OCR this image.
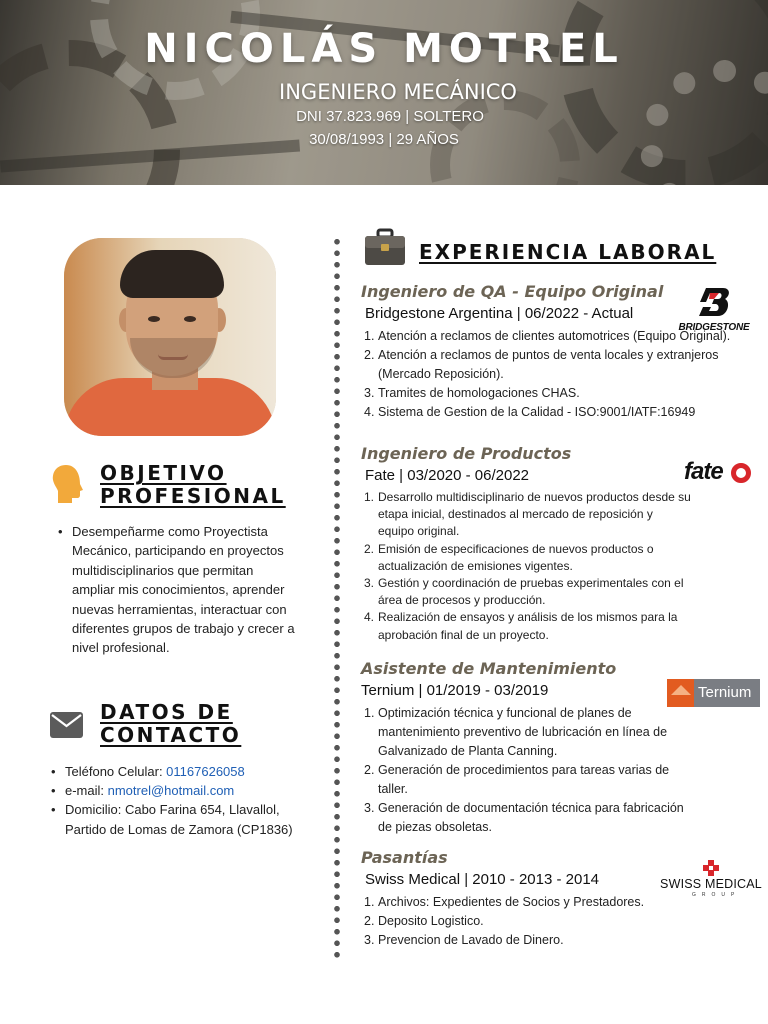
NICOLÁS MOTREL
INGENIERO MECÁNICO
DNI 37.823.969 | SOLTERO
30/08/1993 | 29 AÑOS
OBJETIVO
PROFESIONAL
• Desempeñarme como Proyectista Mecánico, participando en proyectos multidisciplinarios que permitan ampliar mis conocimientos, aprender nuevas herramientas, interactuar con diferentes grupos de trabajo y crecer a nivel profesional.
DATOS DE
CONTACTO
• Teléfono Celular: 01167626058
• e-mail: nmotrel@hotmail.com
• Domicilio: Cabo Farina 654, Llavallol, Partido de Lomas de Zamora (CP1836)
EXPERIENCIA LABORAL
Ingeniero de QA - Equipo Original
Bridgestone Argentina | 06/2022 - Actual
1. Atención a reclamos de clientes automotrices (Equipo Original).
2. Atención a reclamos de puntos de venta locales y extranjeros (Mercado Reposición).
3. Tramites de homologaciones CHAS.
4. Sistema de Gestion de la Calidad - ISO:9001/IATF:16949
Ingeniero de Productos
Fate | 03/2020 - 06/2022
1. Desarrollo multidisciplinario de nuevos productos desde su etapa inicial, destinados al mercado de reposición y equipo original.
2. Emisión de especificaciones de nuevos productos o actualización de emisiones vigentes.
3. Gestión y coordinación de pruebas experimentales con el área de procesos y producción.
4. Realización de ensayos y análisis de los mismos para la aprobación final de un proyecto.
Asistente de Mantenimiento
Ternium | 01/2019 - 03/2019
1. Optimización técnica y funcional de planes de mantenimiento preventivo de lubricación en línea de Galvanizado de Planta Canning.
2. Generación de procedimientos para tareas varias de taller.
3. Generación de documentación técnica para fabricación de piezas obsoletas.
Pasantías
Swiss Medical | 2010 - 2013 - 2014
1. Archivos: Expedientes de Socios y Prestadores.
2. Deposito Logistico.
3. Prevencion de Lavado de Dinero.
BRIDGESTONE
fate
Ternium
SWISS MEDICAL
GROUP
